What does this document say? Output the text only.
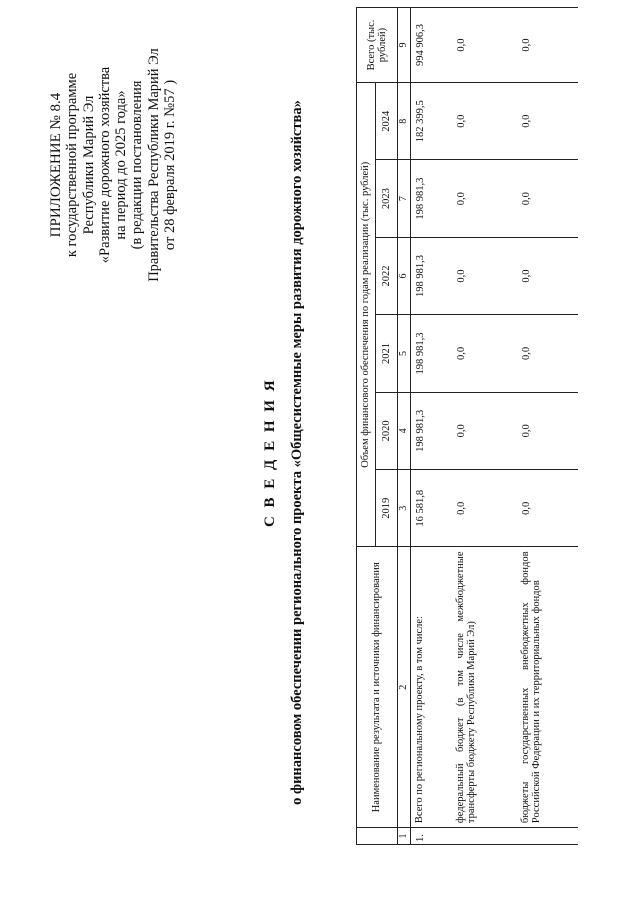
ПРИЛОЖЕНИЕ № 8.4 к государственной программе Республики Марий Эл «Развитие дорожного хозяйства на период до 2025 года» (в редакции постановления Правительства Республики Марий Эл от 28 февраля 2019 г. №57 )
С В Е Д Е Н И Я о финансовом обеспечении регионального проекта «Общесистемные меры развития дорожного хозяйства»
		Наименование результата и источники финансирования	Объем финансового обеспечения по годам реализации (тыс. рублей)						Всего (тыс. рублей)
		2019	2020	2021	2022	2023	2024	
1	2	3	4	5	6	7	8	9
1.	Всего по региональному проекту, в том числе:	16 581,8	198 981,3	198 981,3	198 981,3	198 981,3	182 399,5	994 906,3
	федеральный бюджет (в том числе межбюджетные трансферты бюджету Республики Марий Эл)	0,0	0,0	0,0	0,0	0,0	0,0	0,0
	бюджеты государственных внебюджетных фондов Российской Федерации и их территориальных фондов	0,0	0,0	0,0	0,0	0,0	0,0	0,0
